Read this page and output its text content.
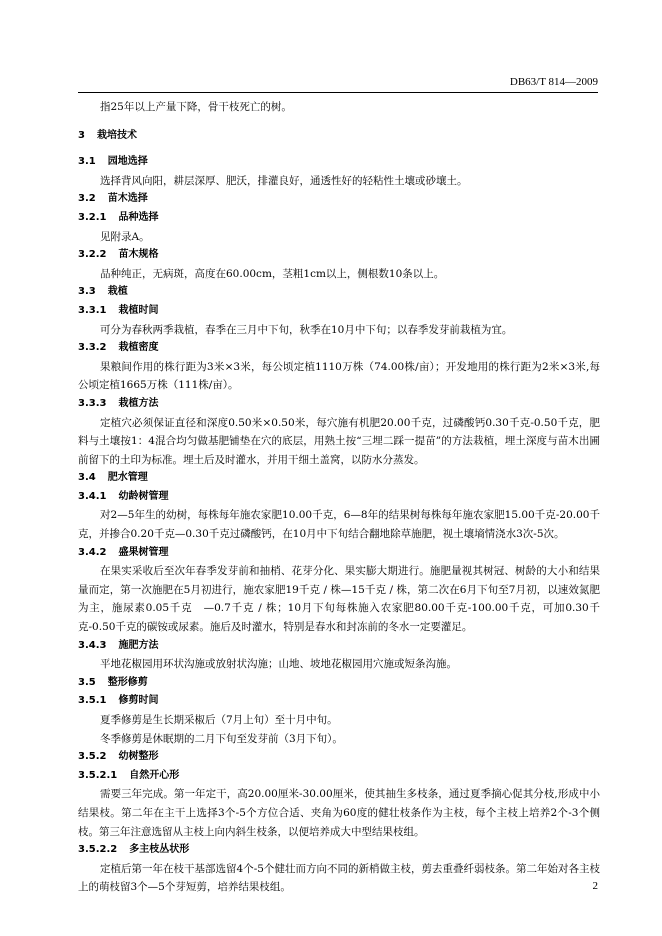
DB63/T 814—2009

指25年以上产量下降，骨干枝死亡的树。

3 栽培技术
3.1 园地选择

选择背风向阳，耕层深厚、肥沃，排灌良好，通透性好的轻粘性土壤或砂壤土。

3.2 苗木选择
3.2.1 品种选择

见附录A。

3.2.2 苗木规格

品种纯正，无病斑，高度在60.00cm，茎粗1cm以上，侧根数10条以上。

3.3 栽植
3.3.1 栽植时间

可分为春秋两季栽植，春季在三月中下旬，秋季在10月中下旬；以春季发芽前栽植为宜。

3.3.2 栽植密度

果粮间作用的株行距为3米×3米，每公顷定植1110万株（74.00株/亩）；开发地用的株行距为2米×3米,每公顷定植1665万株（111株/亩）。

3.3.3 栽植方法

定植穴必须保证直径和深度0.50米×0.50米，每穴施有机肥20.00千克，过磷酸钙0.30千克-0.50千克，肥料与土壤按1：4混合均匀做基肥铺垫在穴的底层，用熟土按“三埋二踩一提苗”的方法栽植，埋土深度与苗木出圃前留下的土印为标准。埋土后及时灌水，并用干细土盖窝，以防水分蒸发。

3.4 肥水管理
3.4.1 幼龄树管理

对2—5年生的幼树，每株每年施农家肥10.00千克，6—8年的结果树每株每年施农家肥15.00千克-20.00千克，并掺合0.20千克—0.30千克过磷酸钙，在10月中下旬结合翻地除草施肥，视土壤墒情浇水3次-5次。

3.4.2 盛果树管理

在果实采收后至次年春季发芽前和抽梢、花芽分化、果实膨大期进行。施肥量视其树冠、树龄的大小和结果量而定，第一次施肥在5月初进行，施农家肥19千克 / 株—15千克 / 株，第二次在6月下旬至7月初，以速效氮肥为主，施尿素0.05千克　—0.7千克 / 株；10月下旬每株施入农家肥80.00千克-100.00千克，可加0.30千克-0.50千克的碳铵或尿素。施后及时灌水，特别是春水和封冻前的冬水一定要灌足。

3.4.3 施肥方法

平地花椒园用环状沟施或放射状沟施；山地、坡地花椒园用穴施或短条沟施。

3.5 整形修剪
3.5.1 修剪时间

夏季修剪是生长期采椒后（7月上旬）至十月中旬。

冬季修剪是休眠期的二月下旬至发芽前（3月下旬）。

3.5.2 幼树整形
3.5.2.1 自然开心形

需要三年完成。第一年定干，高20.00厘米-30.00厘米，使其抽生多枝条，通过夏季摘心促其分枝,形成中小结果枝。第二年在主干上选择3个-5个方位合适、夹角为60度的健壮枝条作为主枝，每个主枝上培养2个-3个侧枝。第三年注意选留从主枝上向内斜生枝条，以便培养成大中型结果枝组。

3.5.2.2 多主枝丛状形

定植后第一年在枝干基部选留4个-5个健壮而方向不同的新梢做主枝，剪去重叠纤弱枝条。第二年始对各主枝上的萌枝留3个—5个芽短剪，培养结果枝组。	2
